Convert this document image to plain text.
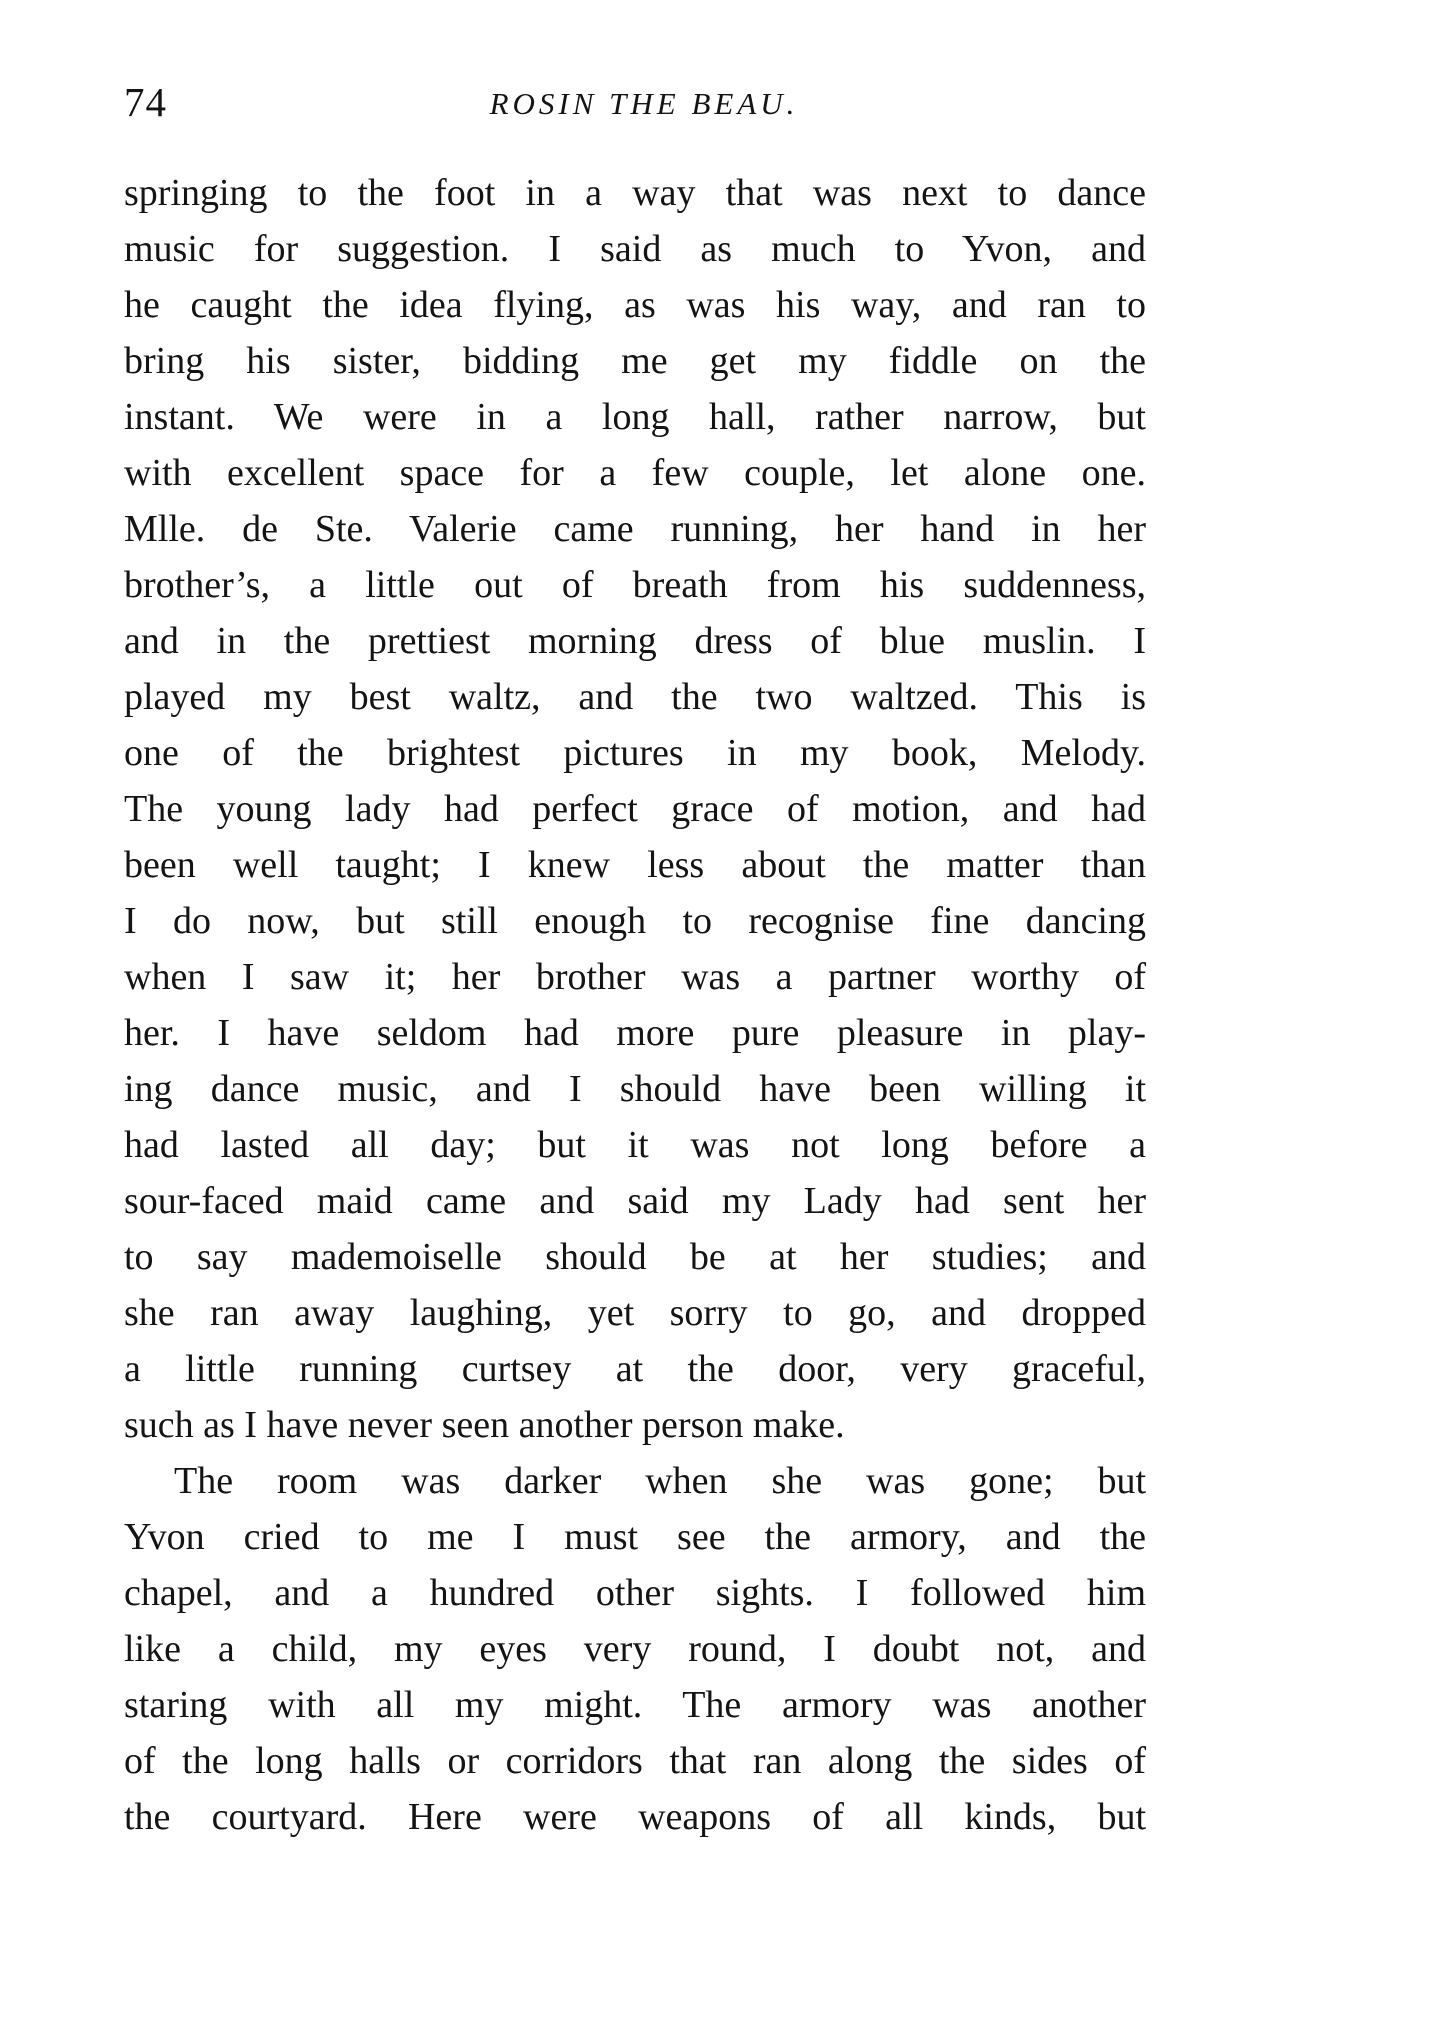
74	ROSIN THE BEAU.
springing to the foot in a way that was next to dance
music for suggestion. I said as much to Yvon, and
he caught the idea flying, as was his way, and ran to
bring his sister, bidding me get my fiddle on the
instant. We were in a long hall, rather narrow, but
with excellent space for a few couple, let alone one.
Mlle. de Ste. Valerie came running, her hand in her
brother’s, a little out of breath from his suddenness,
and in the prettiest morning dress of blue muslin. I
played my best waltz, and the two waltzed. This is
one of the brightest pictures in my book, Melody.
The young lady had perfect grace of motion, and had
been well taught; I knew less about the matter than
I do now, but still enough to recognise fine dancing
when I saw it; her brother was a partner worthy of
her. I have seldom had more pure pleasure in play-
ing dance music, and I should have been willing it
had lasted all day; but it was not long before a
sour-faced maid came and said my Lady had sent her
to say mademoiselle should be at her studies; and
she ran away laughing, yet sorry to go, and dropped
a little running curtsey at the door, very graceful,
such as I have never seen another person make.
The room was darker when she was gone; but
Yvon cried to me I must see the armory, and the
chapel, and a hundred other sights. I followed him
like a child, my eyes very round, I doubt not, and
staring with all my might. The armory was another
of the long halls or corridors that ran along the sides of
the courtyard. Here were weapons of all kinds, but
